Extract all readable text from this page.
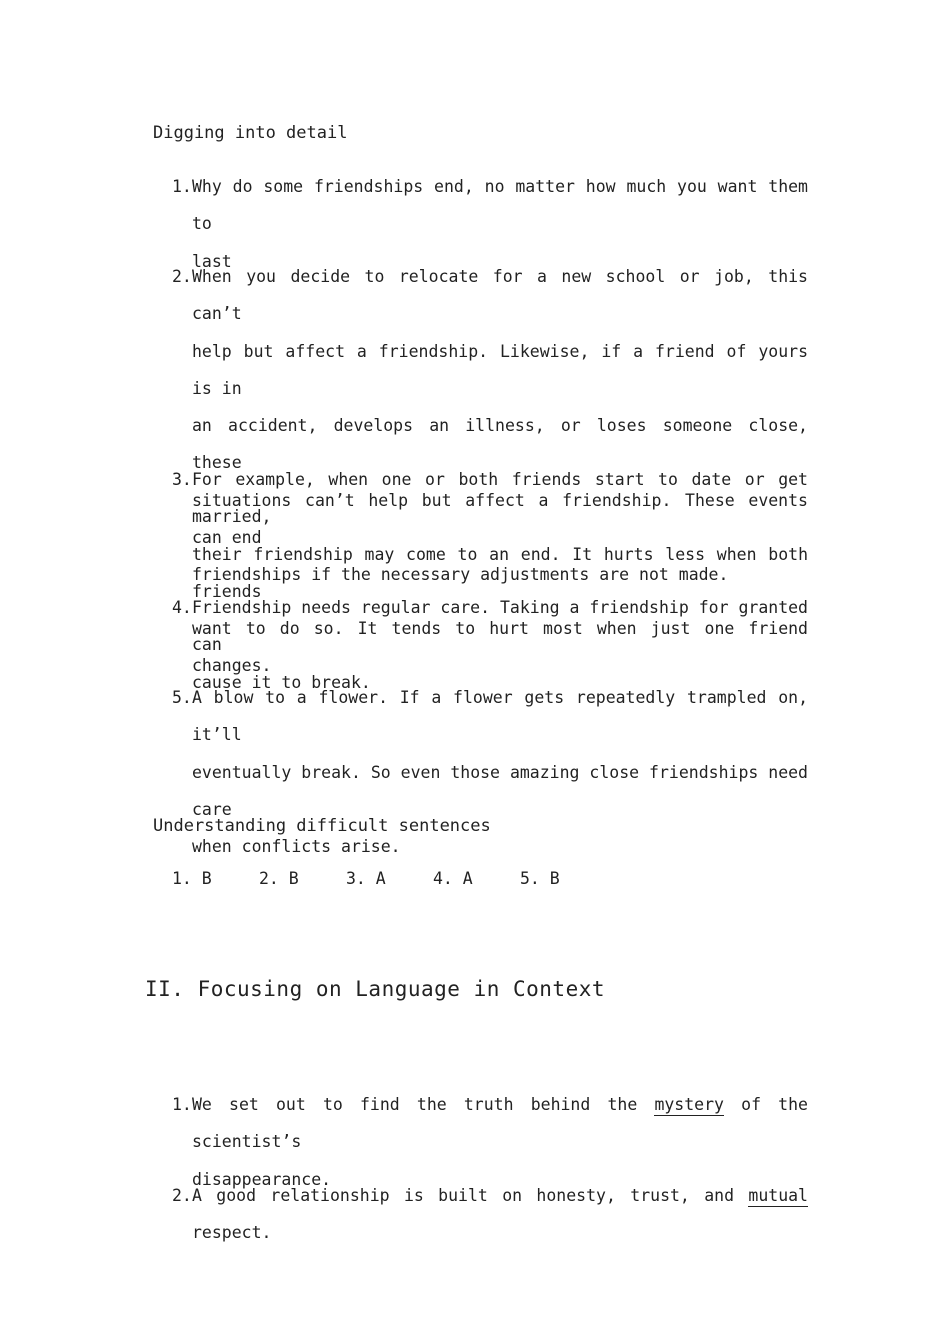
Digging into detail
1. Why do some friendships end, no matter how much you want them to
last
2. When you decide to relocate for a new school or job, this can’t
help but affect a friendship. Likewise, if a friend of yours is in
an accident, develops an illness, or loses someone close, these
situations can’t help but affect a friendship. These events can end
friendships if the necessary adjustments are not made.
3. For example, when one or both friends start to date or get married,
their friendship may come to an end. It hurts less when both friends
want to do so. It tends to hurt most when just one friend changes.
4. Friendship needs regular care. Taking a friendship for granted can
cause it to break.
5. A blow to a flower. If a flower gets repeatedly trampled on, it’ll
eventually break. So even those amazing close friendships need care
when conflicts arise.
Understanding difficult sentences
1. B	2. B	3. A	4. A	5. B
II. Focusing on Language in Context
1. We set out to find the truth behind the mystery of the scientist’s
disappearance.
2. A good relationship is built on honesty, trust, and mutual respect.
